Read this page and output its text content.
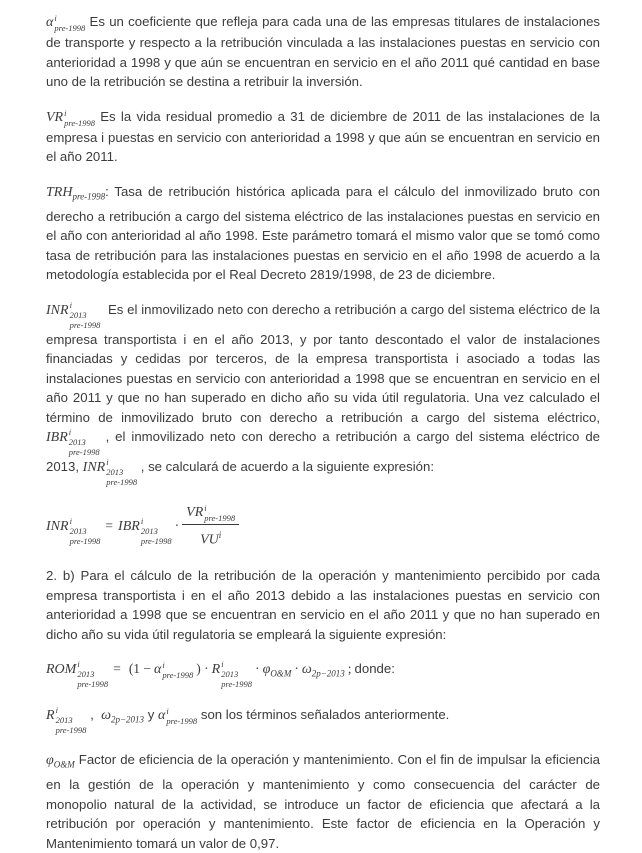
α i
pre-1998 Es un coeficiente que refleja para cada una de las empresas titulares de instalaciones de transporte y respecto a la retribución vinculada a las instalaciones puestas en servicio con anterioridad a 1998 y que aún se encuentran en servicio en el año 2011 qué cantidad en base uno de la retribución se destina a retribuir la inversión.

VR i
pre-1998 Es la vida residual promedio a 31 de diciembre de 2011 de las instalaciones de la empresa i puestas en servicio con anterioridad a 1998 y que aún se encuentran en servicio en el año 2011.

$TRH_{pre-1998}$: Tasa de retribución histórica aplicada para el cálculo del inmovilizado bruto con derecho a retribución a cargo del sistema eléctrico de las instalaciones puestas en servicio en el año con anterioridad al año 1998. Este parámetro tomará el mismo valor que se tomó como tasa de retribución para las instalaciones puestas en servicio en el año 1998 de acuerdo a la metodología establecida por el Real Decreto 2819/1998, de 23 de diciembre.

INR i
2013
pre-1998
Es el inmovilizado neto con derecho a retribución a cargo del sistema eléctrico de la empresa transportista i en el año 2013, y por tanto descontado el valor de instalaciones financiadas y cedidas por terceros, de la empresa transportista i asociado a todas las instalaciones puestas en servicio con anterioridad a 1998 que se encuentran en servicio en el año 2011 y que no han superado en dicho año su vida útil regulatoria. Una vez calculado el término de inmovilizado bruto con derecho a retribución a cargo del sistema eléctrico, IBR i
2013
pre-1998
, el inmovilizado neto con derecho a retribución a cargo del sistema eléctrico de 2013, INR i
2013
pre-1998
, se calculará de acuerdo a la siguiente expresión:

INR i
2013
pre-1998
= IBR i
2013
pre-1998
· VR i
pre-1998
$VU^i$

2. b) Para el cálculo de la retribución de la operación y mantenimiento percibido por cada empresa transportista i en el año 2013 debido a las instalaciones puestas en servicio con anterioridad a 1998 que se encuentran en servicio en el año 2011 y que no han superado en dicho año su vida útil regulatoria se empleará la siguiente expresión:

ROM i
2013
pre-1998
= (1 − α i
pre-1998 ) · R i
2013
pre-1998
· $\varphi_{O\&M} \cdot \omega_{2p-2013}$ ; donde:

R i
2013
pre-1998
,  $\omega_{2p-2013}$ y α i
pre-1998 son los términos señalados anteriormente.

$\varphi_{O\&M}$ Factor de eficiencia de la operación y mantenimiento. Con el fin de impulsar la eficiencia en la gestión de la operación y mantenimiento y como consecuencia del carácter de monopolio natural de la actividad, se introduce un factor de eficiencia que afectará a la retribución por operación y mantenimiento. Este factor de eficiencia en la Operación y Mantenimiento tomará un valor de 0,97.
